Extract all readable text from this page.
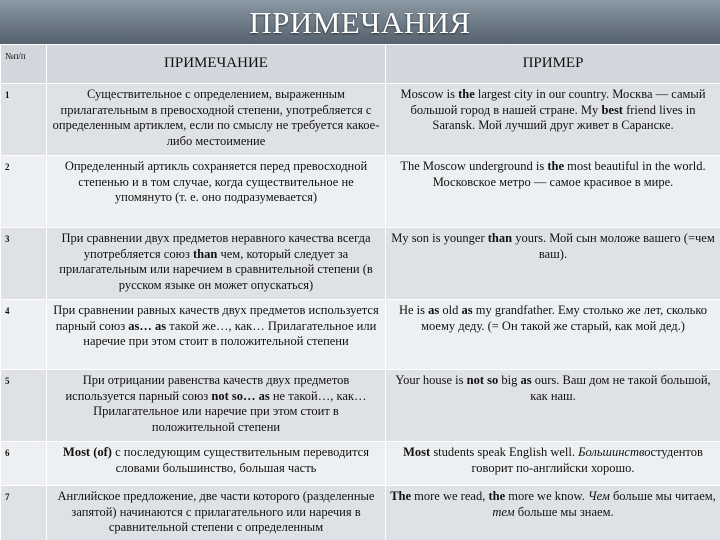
ПРИМЕЧАНИЯ
№п/п	ПРИМЕЧАНИЕ	ПРИМЕР
1	Существительное с определением, выраженным прилагательным в превосходной степени, употребляется с определенным артиклем, если по смыслу не требуется какое-либо местоимение	Moscow is the largest city in our country. Москва — самый большой город в нашей стране. My best friend lives in Saransk. Мой лучший друг живет в Саранске.
2	Определенный артикль сохраняется перед превосходной степенью и в том случае, когда существительное не упомянуто (т. е. оно подразумевается)	The Moscow underground is the most beautiful in the world. Московское метро — самое красивое в мире.
3	При сравнении двух предметов неравного качества всегда употребляется союз than чем, который следует за прилагательным или наречием в сравнительной степени (в русском языке он может опускаться)	My son is younger than yours. Мой сын моложе вашего (=чем ваш).
4	При сравнении равных качеств двух предметов используется парный союз as… as такой же…, как… Прилагательное или наречие при этом стоит в положительной степени	He is as old as my grandfather. Ему столько же лет, сколько моему деду. (= Он такой же старый, как мой дед.)
5	При отрицании равенства качеств двух предметов используется парный союз not so… as не такой…, как…Прилагательное или наречие при этом стоит в положительной степени	Your house is not so big as ours. Ваш дом не такой большой, как наш.
6	Most (of) с последующим существительным переводится словами большинство, большая часть	Most students speak English well. Большинствостудентов говорит по-английски хорошо.
7	Английское предложение, две части которого (разделенные запятой) начинаются с прилагательного или наречия в сравнительной степени с определенным	The more we read, the more we know. Чем больше мы читаем, тем больше мы знаем.
